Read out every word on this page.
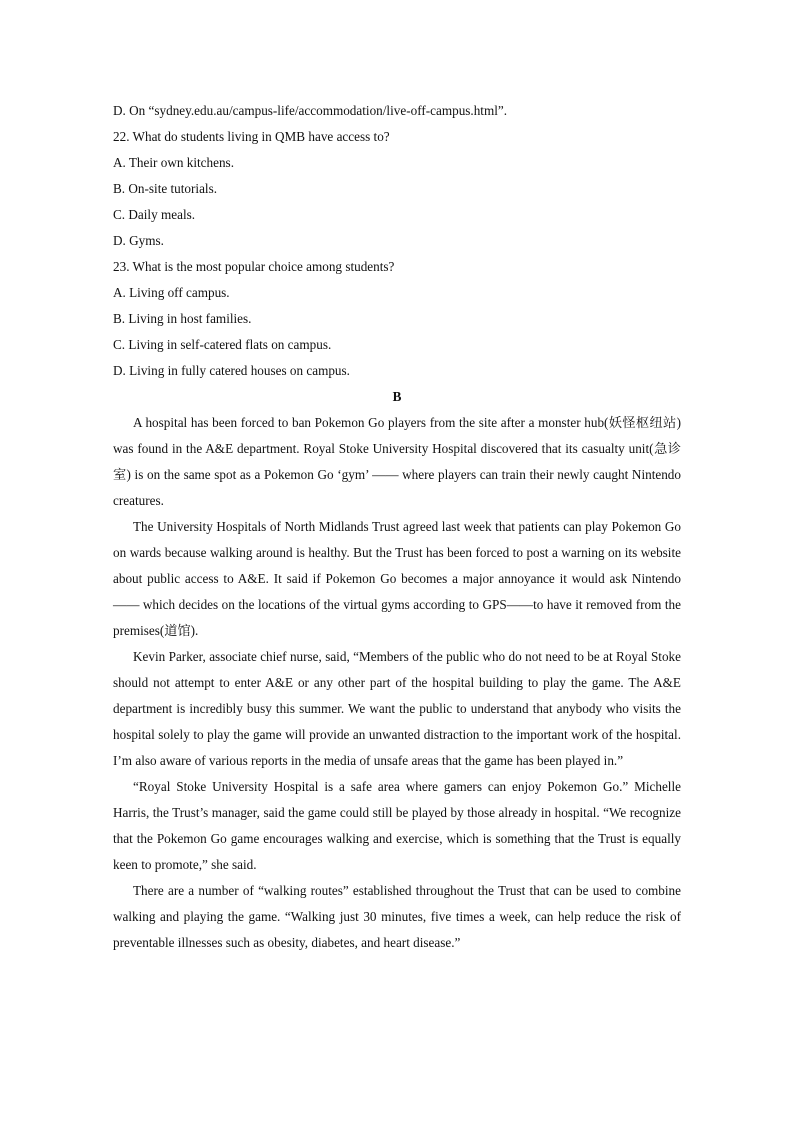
D. On “sydney.edu.au/campus-life/accommodation/live-off-campus.html”.

22. What do students living in QMB have access to?

A. Their own kitchens.

B. On-site tutorials.

C. Daily meals.

D. Gyms.

23. What is the most popular choice among students?

A. Living off campus.

B. Living in host families.

C. Living in self-catered flats on campus.

D. Living in fully catered houses on campus.

B

A hospital has been forced to ban Pokemon Go players from the site after a monster hub(妖怪枢纽站) was found in the A&E department. Royal Stoke University Hospital discovered that its casualty unit(急诊室) is on the same spot as a Pokemon Go ‘gym’ —— where players can train their newly caught Nintendo creatures.

The University Hospitals of North Midlands Trust agreed last week that patients can play Pokemon Go on wards because walking around is healthy. But the Trust has been forced to post a warning on its website about public access to A&E. It said if Pokemon Go becomes a major annoyance it would ask Nintendo —— which decides on the locations of the virtual gyms according to GPS——to have it removed from the premises(道馆).

Kevin Parker, associate chief nurse, said, “Members of the public who do not need to be at Royal Stoke should not attempt to enter A&E or any other part of the hospital building to play the game. The A&E department is incredibly busy this summer. We want the public to understand that anybody who visits the hospital solely to play the game will provide an unwanted distraction to the important work of the hospital. I’m also aware of various reports in the media of unsafe areas that the game has been played in.”

“Royal Stoke University Hospital is a safe area where gamers can enjoy Pokemon Go.” Michelle Harris, the Trust’s manager, said the game could still be played by those already in hospital. “We recognize that the Pokemon Go game encourages walking and exercise, which is something that the Trust is equally keen to promote,” she said.

There are a number of “walking routes” established throughout the Trust that can be used to combine walking and playing the game. “Walking just 30 minutes, five times a week, can help reduce the risk of preventable illnesses such as obesity, diabetes, and heart disease.”
